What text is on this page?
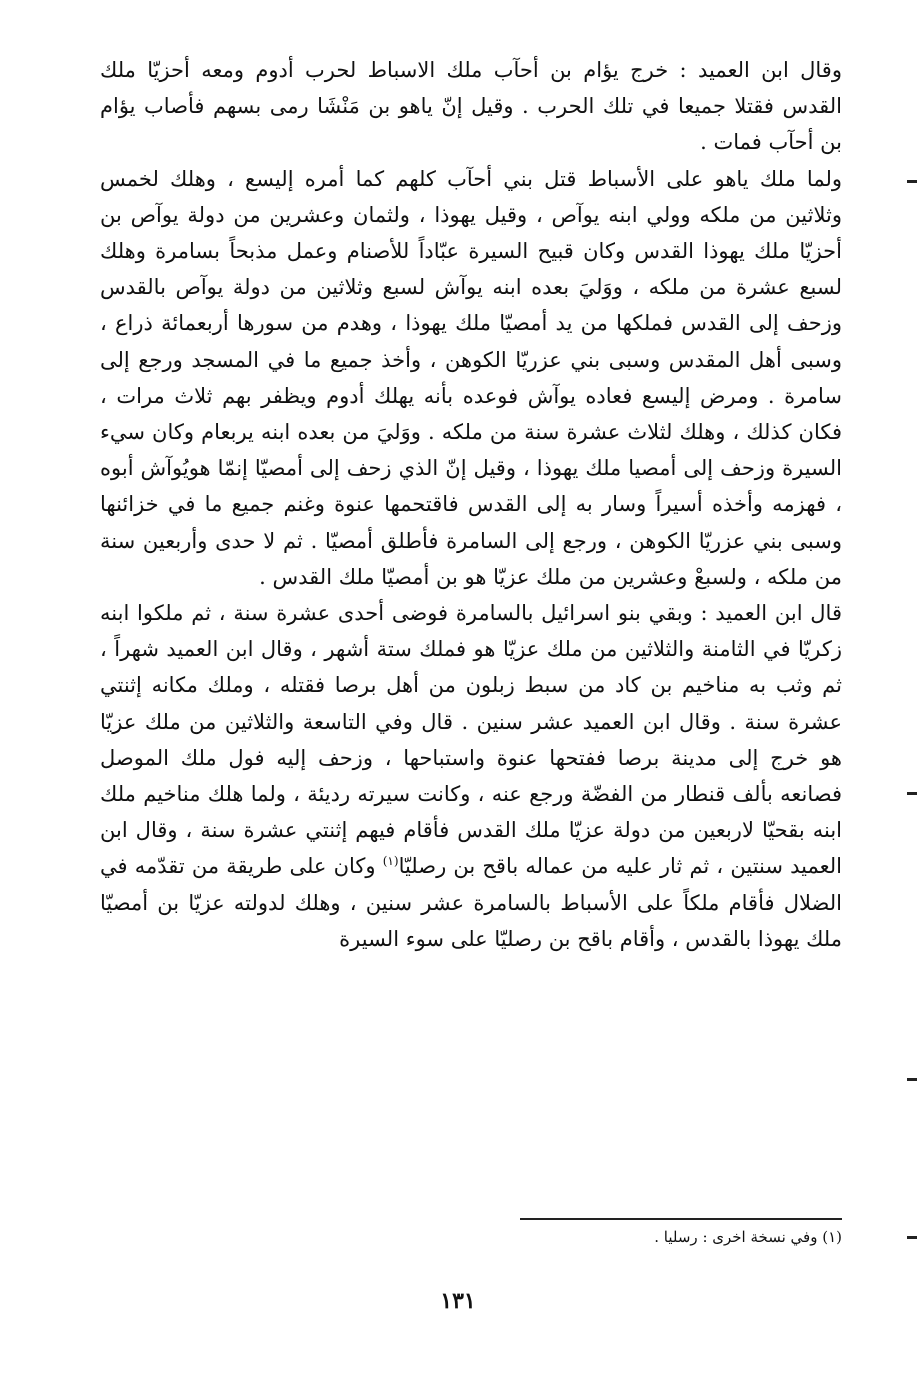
وقال ابن العميد : خرج يؤام بن أحآب ملك الاسباط لحرب أدوم ومعه أحزيّا ملك القدس فقتلا جميعا في تلك الحرب . وقيل إنّ ياهو بن مَنْشَا رمى بسهم فأصاب يؤام بن أحآب فمات .

ولما ملك ياهو على الأسباط قتل بني أحآب كلهم كما أمره إليسع ، وهلك لخمس وثلاثين من ملكه وولي ابنه يوآص ، وقيل يهوذا ، ولثمان وعشرين من دولة يوآص بن أحزيّا ملك يهوذا القدس وكان قبيح السيرة عبّاداً للأصنام وعمل مذبحاً بسامرة وهلك لسبع عشرة من ملكه ، ووَليَ بعده ابنه يوآش لسبع وثلاثين من دولة يوآص بالقدس وزحف إلى القدس فملكها من يد أمصيّا ملك يهوذا ، وهدم من سورها أربعمائة ذراع ، وسبى أهل المقدس وسبى بني عزريّا الكوهن ، وأخذ جميع ما في المسجد ورجع إلى سامرة . ومرض إليسع فعاده يوآش فوعده بأنه يهلك أدوم ويظفر بهم ثلاث مرات ، فكان كذلك ، وهلك لثلاث عشرة سنة من ملكه . ووَليَ من بعده ابنه يربعام وكان سيء السيرة وزحف إلى أمصيا ملك يهوذا ، وقيل إنّ الذي زحف إلى أمصيّا إنمّا هويُوآش أبوه ، فهزمه وأخذه أسيراً وسار به إلى القدس فاقتحمها عنوة وغنم جميع ما في خزائنها وسبى بني عزريّا الكوهن ، ورجع إلى السامرة فأطلق أمصيّا . ثم لا حدى وأربعين سنة من ملكه ، ولسبعْ وعشرين من ملك عزيّا هو بن أمصيّا ملك القدس .

قال ابن العميد : وبقي بنو اسرائيل بالسامرة فوضى أحدى عشرة سنة ، ثم ملكوا ابنه زكريّا في الثامنة والثلاثين من ملك عزيّا هو فملك ستة أشهر ، وقال ابن العميد شهراً ، ثم وثب به مناخيم بن كاد من سبط زبلون من أهل برصا فقتله ، وملك مكانه إثنتي عشرة سنة . وقال ابن العميد عشر سنين . قال وفي التاسعة والثلاثين من ملك عزيّا هو خرج إلى مدينة برصا ففتحها عنوة واستباحها ، وزحف إليه فول ملك الموصل فصانعه بألف قنطار من الفضّة ورجع عنه ، وكانت سيرته رديئة ، ولما هلك مناخيم ملك ابنه بقحيّا لاربعين من دولة عزيّا ملك القدس فأقام فيهم إثنتي عشرة سنة ، وقال ابن العميد سنتين ، ثم ثار عليه من عماله باقح بن رصليّا$^{(١)}$ وكان على طريقة من تقدّمه في الضلال فأقام ملكاً على الأسباط بالسامرة عشر سنين ، وهلك لدولته عزيّا بن أمصيّا ملك يهوذا بالقدس ، وأقام باقح بن رصليّا على سوء السيرة

(١) وفي نسخة اخرى : رسليا .
١٣١
